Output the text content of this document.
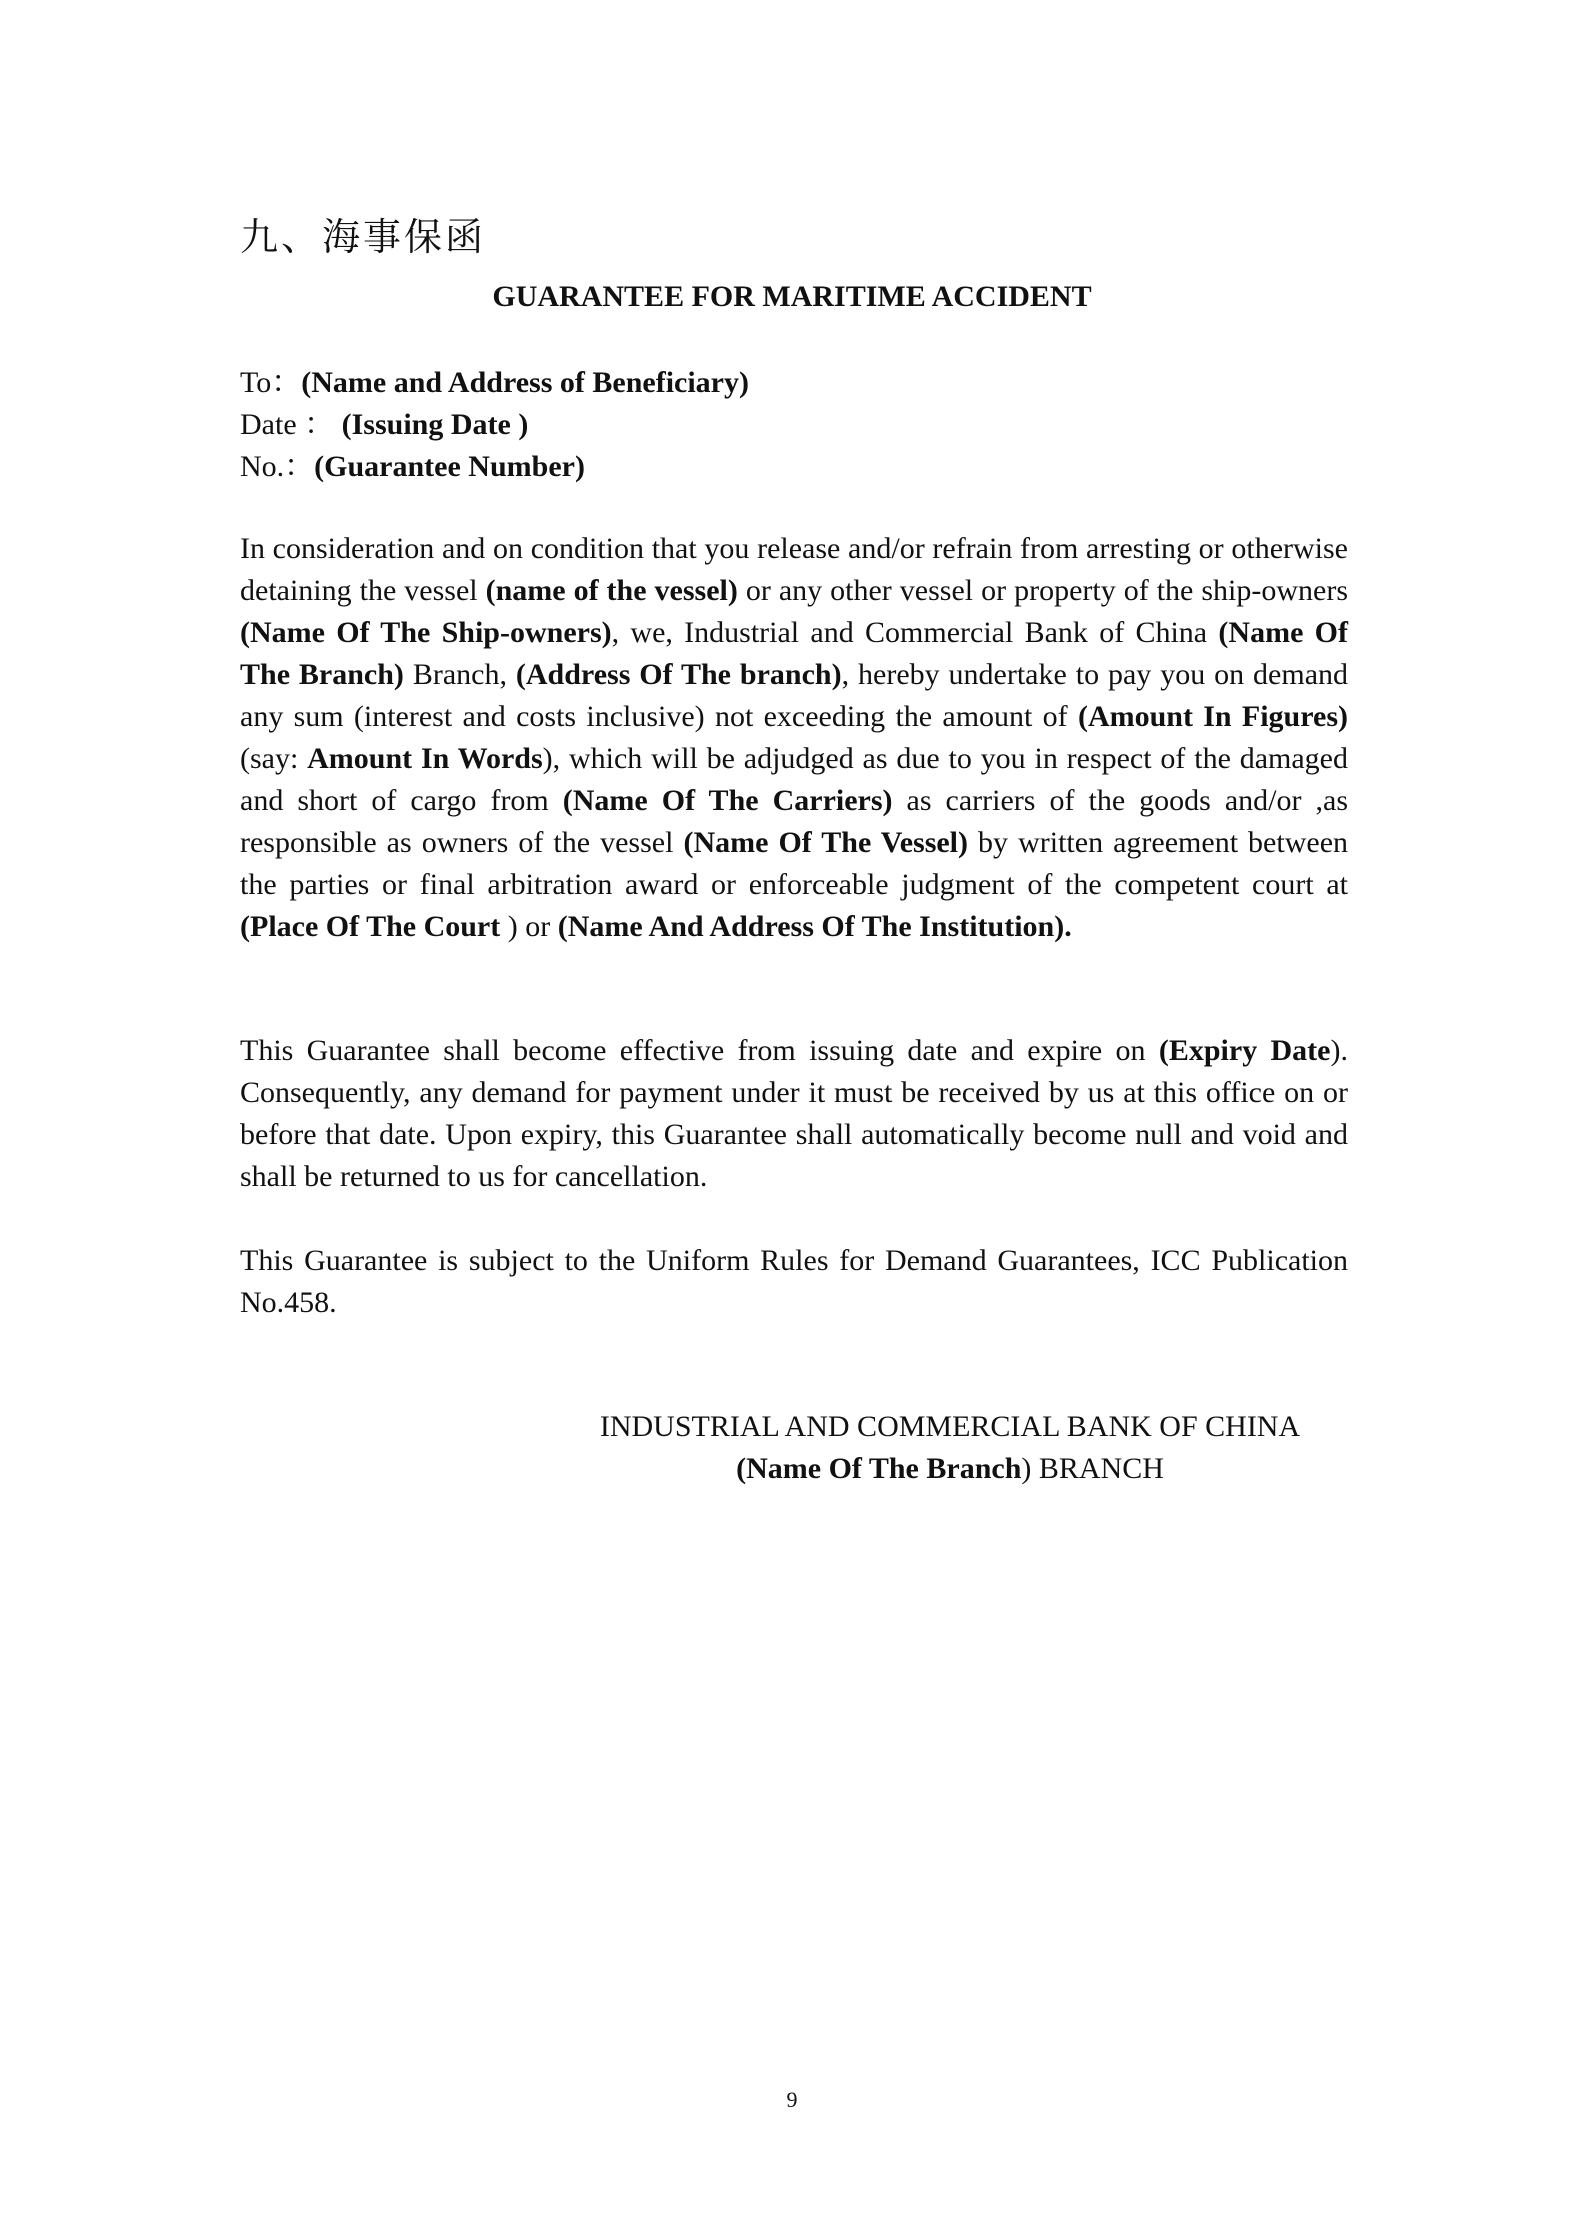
九、海事保函
GUARANTEE FOR MARITIME ACCIDENT
To：(Name and Address of Beneficiary)
Date ： (Issuing Date )
No.：(Guarantee Number)
In consideration and on condition that you release and/or refrain from arresting or otherwise detaining the vessel (name of the vessel) or any other vessel or property of the ship-owners (Name Of The Ship-owners), we, Industrial and Commercial Bank of China (Name Of The Branch) Branch, (Address Of The branch), hereby undertake to pay you on demand any sum (interest and costs inclusive) not exceeding the amount of (Amount In Figures) (say: Amount In Words), which will be adjudged as due to you in respect of the damaged and short of cargo from (Name Of The Carriers) as carriers of the goods and/or ,as responsible as owners of the vessel (Name Of The Vessel) by written agreement between the parties or final arbitration award or enforceable judgment of the competent court at (Place Of The Court ) or (Name And Address Of The Institution).
This Guarantee shall become effective from issuing date and expire on (Expiry Date). Consequently, any demand for payment under it must be received by us at this office on or before that date. Upon expiry, this Guarantee shall automatically become null and void and shall be returned to us for cancellation.
This Guarantee is subject to the Uniform Rules for Demand Guarantees, ICC Publication No.458.
INDUSTRIAL AND COMMERCIAL BANK OF CHINA
(Name Of The Branch) BRANCH
9
